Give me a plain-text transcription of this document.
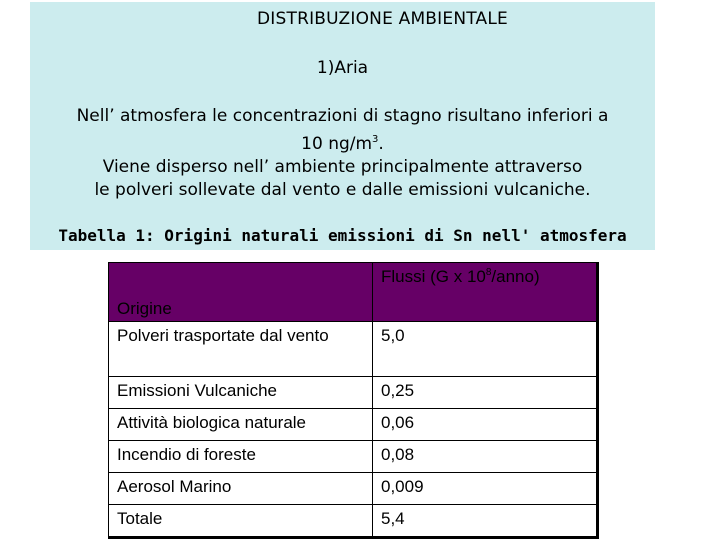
DISTRIBUZIONE AMBIENTALE
1)Aria
Nell’ atmosfera le concentrazioni di stagno risultano inferiori a
10 $ng/m^3$.
Viene disperso nell’ ambiente principalmente attraverso
le polveri sollevate dal vento e dalle emissioni vulcaniche.
Tabella 1: Origini naturali emissioni di Sn nell' atmosfera
Origine	Flussi (G x $10^8/anno$)
Polveri trasportate dal vento	5,0
Emissioni Vulcaniche	0,25
Attività biologica naturale	0,06
Incendio di foreste	0,08
Aerosol Marino	0,009
Totale	5,4
